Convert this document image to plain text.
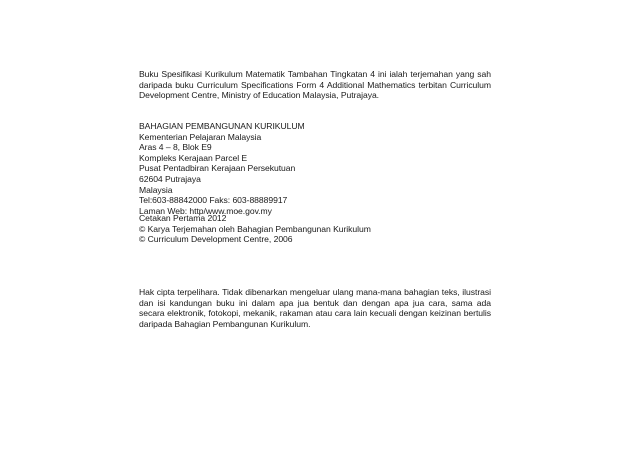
Buku Spesifikasi Kurikulum Matematik Tambahan Tingkatan 4 ini ialah terjemahan yang sah
daripada buku Curriculum Specifications Form 4 Additional Mathematics terbitan Curriculum
Development Centre, Ministry of Education Malaysia, Putrajaya.
BAHAGIAN PEMBANGUNAN KURIKULUM
Kementerian Pelajaran Malaysia
Aras 4 – 8, Blok E9
Kompleks Kerajaan Parcel E
Pusat Pentadbiran Kerajaan Persekutuan
62604 Putrajaya
Malaysia
Tel:603-88842000 Faks: 603-88889917
Laman Web: http/www.moe.gov.my
Cetakan Pertama 2012
© Karya Terjemahan oleh Bahagian Pembangunan Kurikulum
© Curriculum Development Centre, 2006
Hak cipta terpelihara. Tidak dibenarkan mengeluar ulang mana-mana bahagian teks, ilustrasi
dan isi kandungan buku ini dalam apa jua bentuk dan dengan apa jua cara, sama ada
secara elektronik, fotokopi, mekanik, rakaman atau cara lain kecuali dengan keizinan bertulis
daripada Bahagian Pembangunan Kurikulum.
